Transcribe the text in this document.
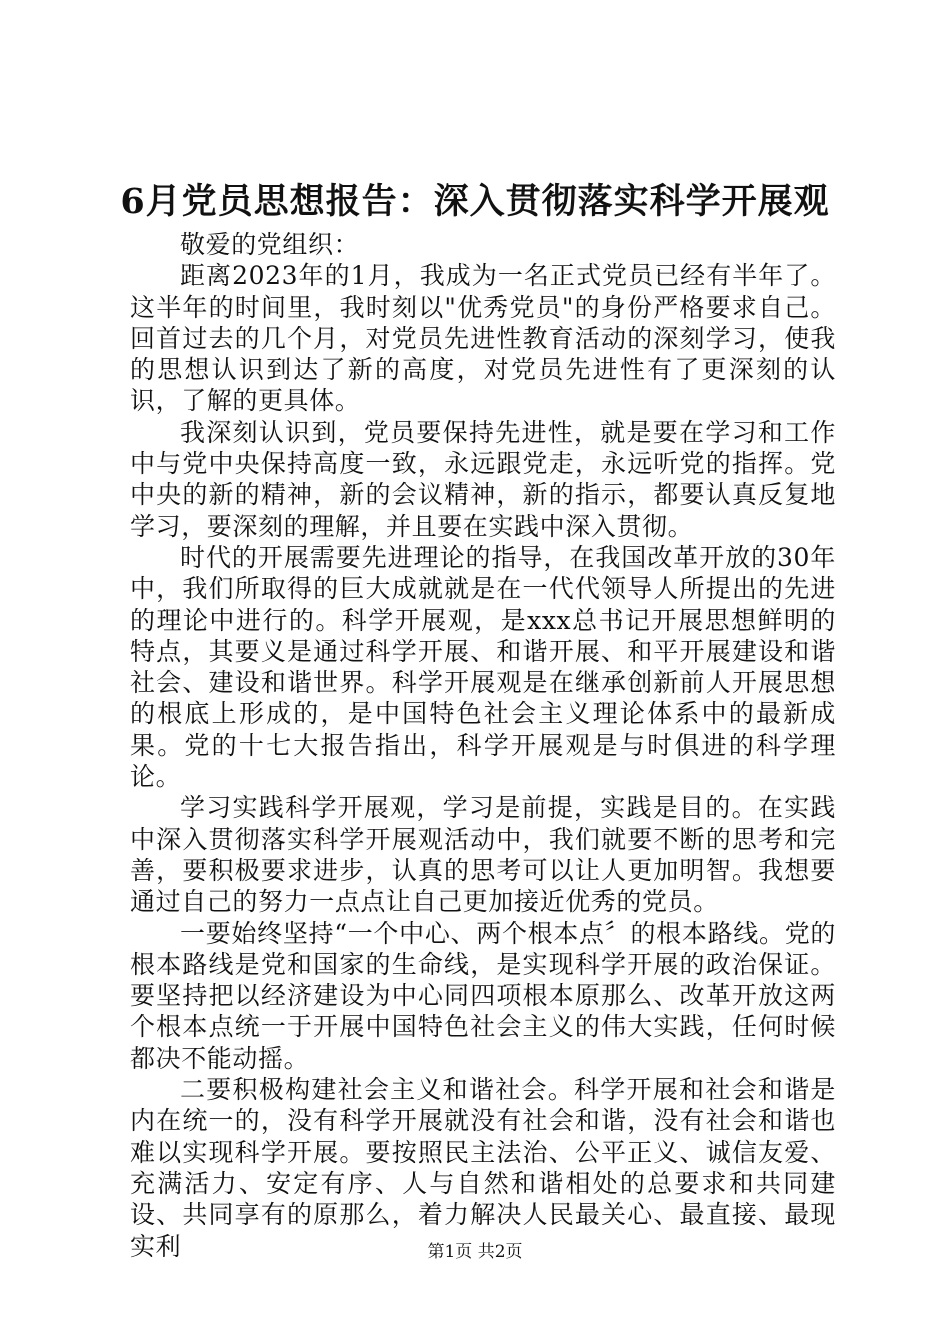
6月党员思想报告：深入贯彻落实科学开展观

敬爱的党组织：

距离2023年的1月，我成为一名正式党员已经有半年了。这半年的时间里，我时刻以"优秀党员"的身份严格要求自己。回首过去的几个月，对党员先进性教育活动的深刻学习，使我的思想认识到达了新的高度，对党员先进性有了更深刻的认识，了解的更具体。

我深刻认识到，党员要保持先进性，就是要在学习和工作中与党中央保持高度一致，永远跟党走，永远听党的指挥。党中央的新的精神，新的会议精神，新的指示，都要认真反复地学习，要深刻的理解，并且要在实践中深入贯彻。

时代的开展需要先进理论的指导，在我国改革开放的30年中，我们所取得的巨大成就就是在一代代领导人所提出的先进的理论中进行的。科学开展观，是xxx总书记开展思想鲜明的特点，其要义是通过科学开展、和谐开展、和平开展建设和谐社会、建设和谐世界。科学开展观是在继承创新前人开展思想的根底上形成的，是中国特色社会主义理论体系中的最新成果。党的十七大报告指出，科学开展观是与时俱进的科学理论。

学习实践科学开展观，学习是前提，实践是目的。在实践中深入贯彻落实科学开展观活动中，我们就要不断的思考和完善，要积极要求进步，认真的思考可以让人更加明智。我想要通过自己的努力一点点让自己更加接近优秀的党员。

一要始终坚持“一个中心、两个根本点〞的根本路线。党的根本路线是党和国家的生命线，是实现科学开展的政治保证。要坚持把以经济建设为中心同四项根本原那么、改革开放这两个根本点统一于开展中国特色社会主义的伟大实践，任何时候都决不能动摇。

二要积极构建社会主义和谐社会。科学开展和社会和谐是内在统一的，没有科学开展就没有社会和谐，没有社会和谐也难以实现科学开展。要按照民主法治、公平正义、诚信友爱、充满活力、安定有序、人与自然和谐相处的总要求和共同建设、共同享有的原那么，着力解决人民最关心、最直接、最现实利	第1页 共2页
